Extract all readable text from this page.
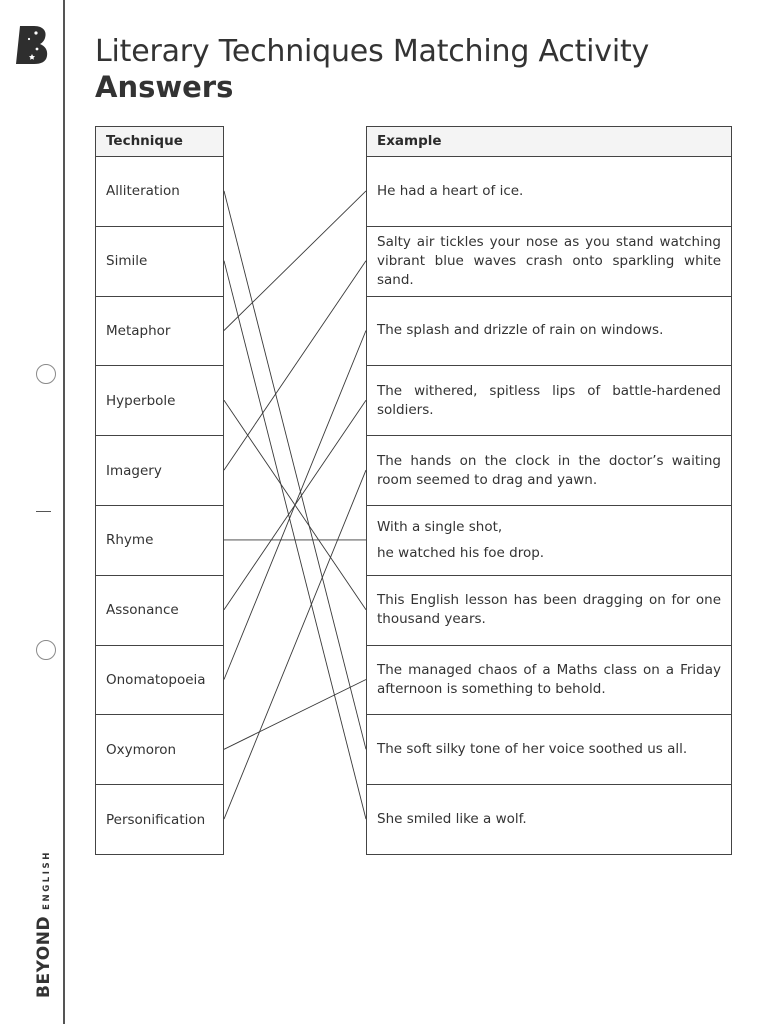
BEYONDENGLISH
Literary Techniques Matching Activity
Answers
Technique
Alliteration
Simile
Metaphor
Hyperbole
Imagery
Rhyme
Assonance
Onomatopoeia
Oxymoron
Personification
Example
He had a heart of ice.
Salty air tickles your nose as you stand watching vibrant blue waves crash onto sparkling white sand.
The splash and drizzle of rain on windows.
The withered, spitless lips of battle-hardened soldiers.
The hands on the clock in the doctor’s waiting room seemed to drag and yawn.
With a single shot,
he watched his foe drop.
This English lesson has been dragging on for one thousand years.
The managed chaos of a Maths class on a Friday afternoon is something to behold.
The soft silky tone of her voice soothed us all.
She smiled like a wolf.
